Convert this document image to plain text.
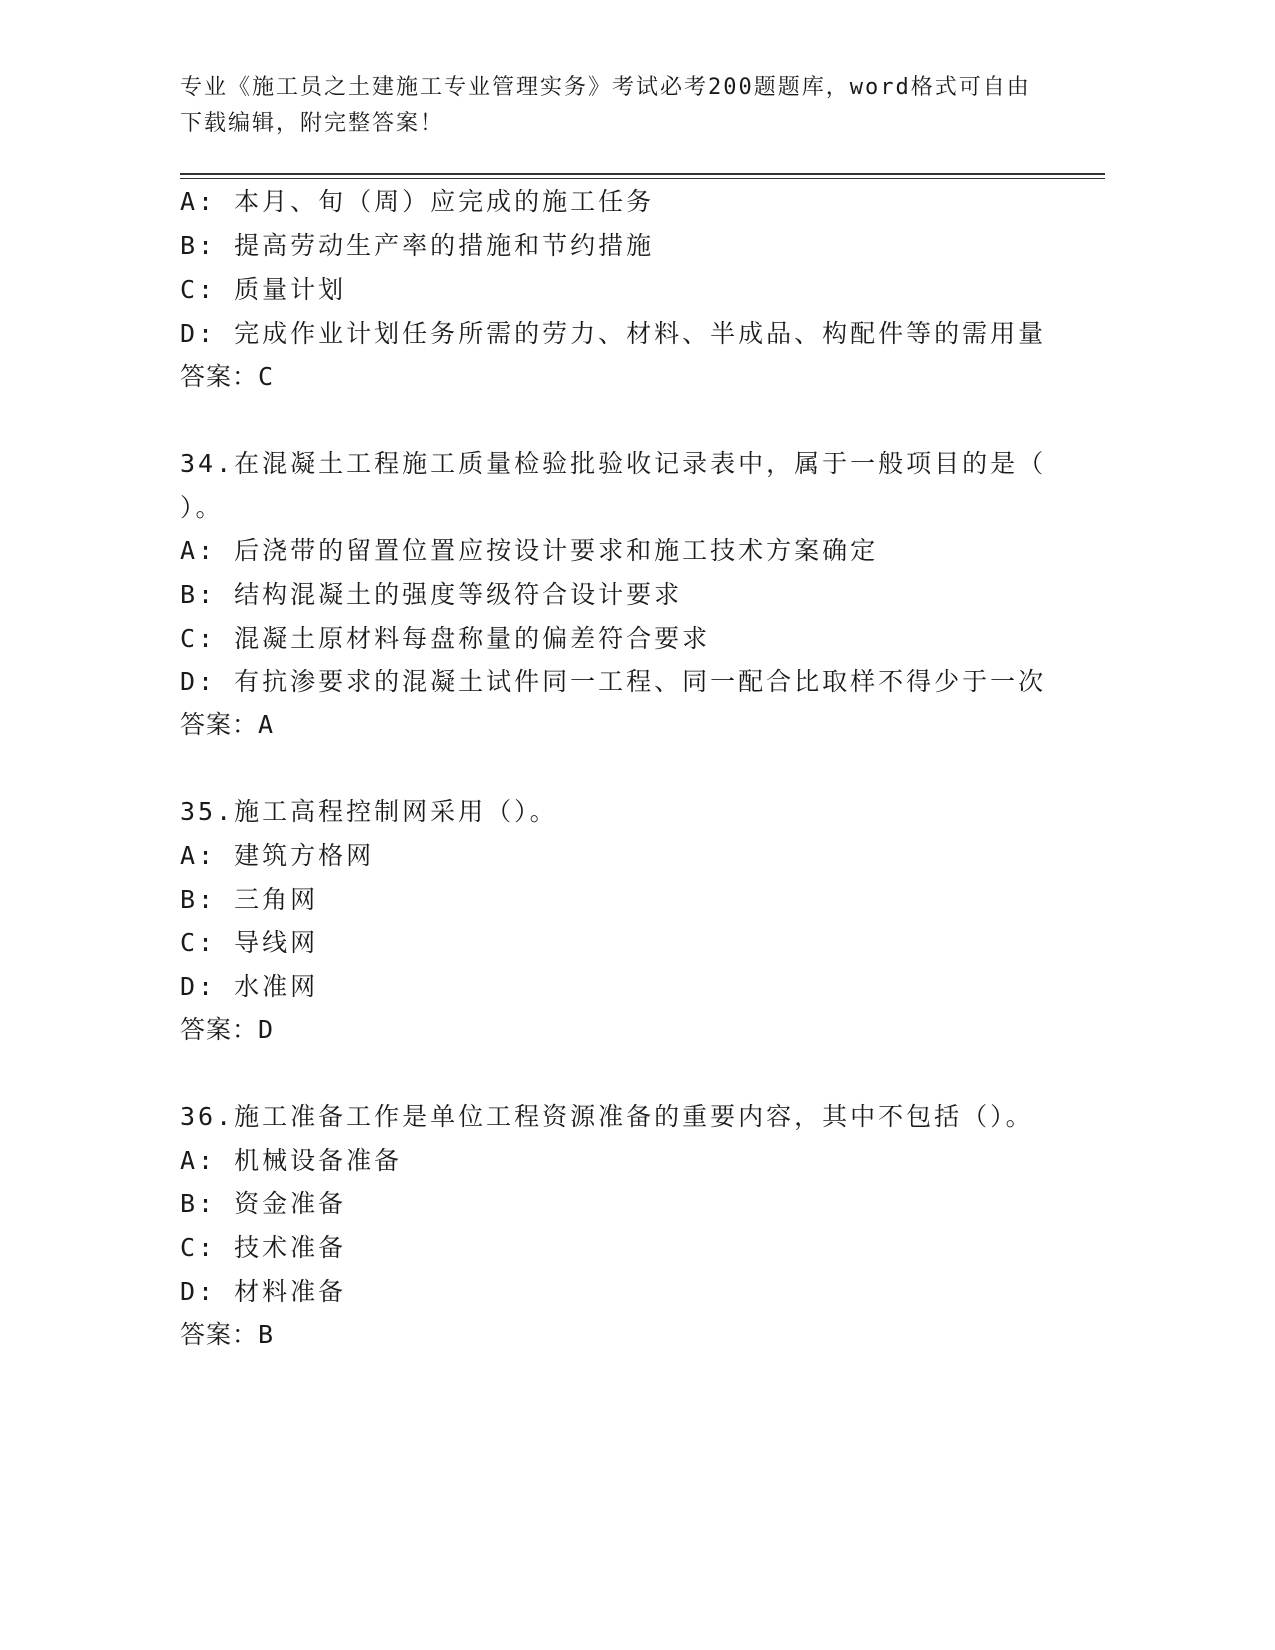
专业《施工员之土建施工专业管理实务》考试必考200题题库，word格式可自由
下载编辑，附完整答案！
A: 本月、旬（周）应完成的施工任务
B: 提高劳动生产率的措施和节约措施
C: 质量计划
D: 完成作业计划任务所需的劳力、材料、半成品、构配件等的需用量
答案：C
34.在混凝土工程施工质量检验批验收记录表中，属于一般项目的是（
）。
A: 后浇带的留置位置应按设计要求和施工技术方案确定
B: 结构混凝土的强度等级符合设计要求
C: 混凝土原材料每盘称量的偏差符合要求
D: 有抗渗要求的混凝土试件同一工程、同一配合比取样不得少于一次
答案：A
35.施工高程控制网采用（）。
A: 建筑方格网
B: 三角网
C: 导线网
D: 水准网
答案：D
36.施工准备工作是单位工程资源准备的重要内容，其中不包括（）。
A: 机械设备准备
B: 资金准备
C: 技术准备
D: 材料准备
答案：B
